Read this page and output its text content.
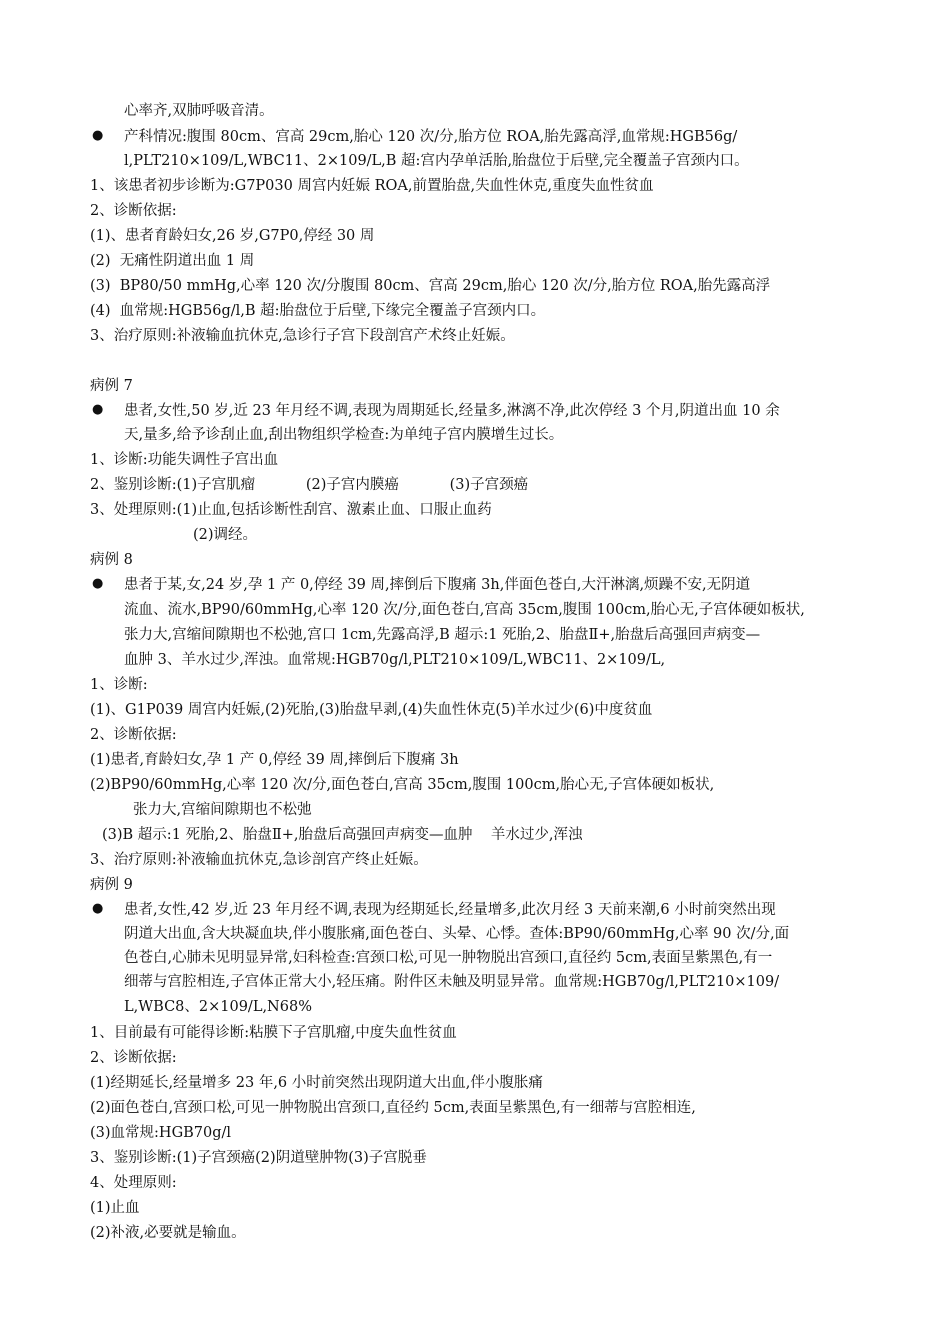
心率齐,双肺呼吸音清。
● 产科情况:腹围 80cm、宫高 29cm,胎心 120 次/分,胎方位 ROA,胎先露高浮,血常规:HGB56g/
l,PLT210×109/L,WBC11、2×109/L,B 超:宫内孕单活胎,胎盘位于后壁,完全覆盖子宫颈内口。
1、该患者初步诊断为:G7P030 周宫内妊娠 ROA,前置胎盘,失血性休克,重度失血性贫血
2、诊断依据:
(1)、患者育龄妇女,26 岁,G7P0,停经 30 周
(2)  无痛性阴道出血 1 周
(3)  BP80/50 mmHg,心率 120 次/分腹围 80cm、宫高 29cm,胎心 120 次/分,胎方位 ROA,胎先露高浮
(4)  血常规:HGB56g/l,B 超:胎盘位于后壁,下缘完全覆盖子宫颈内口。
3、治疗原则:补液输血抗休克,急诊行子宫下段剖宫产术终止妊娠。
病例 7
● 患者,女性,50 岁,近 23 年月经不调,表现为周期延长,经量多,淋漓不净,此次停经 3 个月,阴道出血 10 余
天,量多,给予诊刮止血,刮出物组织学检查:为单纯子宫内膜增生过长。
1、诊断:功能失调性子宫出血
2、鉴别诊断:(1)子宫肌瘤           (2)子宫内膜癌           (3)子宫颈癌
3、处理原则:(1)止血,包括诊断性刮宫、激素止血、口服止血药
(2)调经。
病例 8
● 患者于某,女,24 岁,孕 1 产 0,停经 39 周,摔倒后下腹痛 3h,伴面色苍白,大汗淋漓,烦躁不安,无阴道
流血、流水,BP90/60mmHg,心率 120 次/分,面色苍白,宫高 35cm,腹围 100cm,胎心无,子宫体硬如板状,
张力大,宫缩间隙期也不松弛,宫口 1cm,先露高浮,B 超示:1 死胎,2、胎盘Ⅱ+,胎盘后高强回声病变—
血肿 3、羊水过少,浑浊。血常规:HGB70g/l,PLT210×109/L,WBC11、2×109/L,
1、诊断:
(1)、G1P039 周宫内妊娠,(2)死胎,(3)胎盘早剥,(4)失血性休克(5)羊水过少(6)中度贫血
2、诊断依据:
(1)患者,育龄妇女,孕 1 产 0,停经 39 周,摔倒后下腹痛 3h
(2)BP90/60mmHg,心率 120 次/分,面色苍白,宫高 35cm,腹围 100cm,胎心无,子宫体硬如板状,
张力大,宫缩间隙期也不松弛
(3)B 超示:1 死胎,2、胎盘Ⅱ+,胎盘后高强回声病变—血肿    羊水过少,浑浊
3、治疗原则:补液输血抗休克,急诊剖宫产终止妊娠。
病例 9
● 患者,女性,42 岁,近 23 年月经不调,表现为经期延长,经量增多,此次月经 3 天前来潮,6 小时前突然出现
阴道大出血,含大块凝血块,伴小腹胀痛,面色苍白、头晕、心悸。查体:BP90/60mmHg,心率 90 次/分,面
色苍白,心肺未见明显异常,妇科检查:宫颈口松,可见一肿物脱出宫颈口,直径约 5cm,表面呈紫黑色,有一
细蒂与宫腔相连,子宫体正常大小,轻压痛。附件区未触及明显异常。血常规:HGB70g/l,PLT210×109/
L,WBC8、2×109/L,N68%
1、目前最有可能得诊断:粘膜下子宫肌瘤,中度失血性贫血
2、诊断依据:
(1)经期延长,经量增多 23 年,6 小时前突然出现阴道大出血,伴小腹胀痛
(2)面色苍白,宫颈口松,可见一肿物脱出宫颈口,直径约 5cm,表面呈紫黑色,有一细蒂与宫腔相连,
(3)血常规:HGB70g/l
3、鉴别诊断:(1)子宫颈癌(2)阴道壁肿物(3)子宫脱垂
4、处理原则:
(1)止血
(2)补液,必要就是输血。
